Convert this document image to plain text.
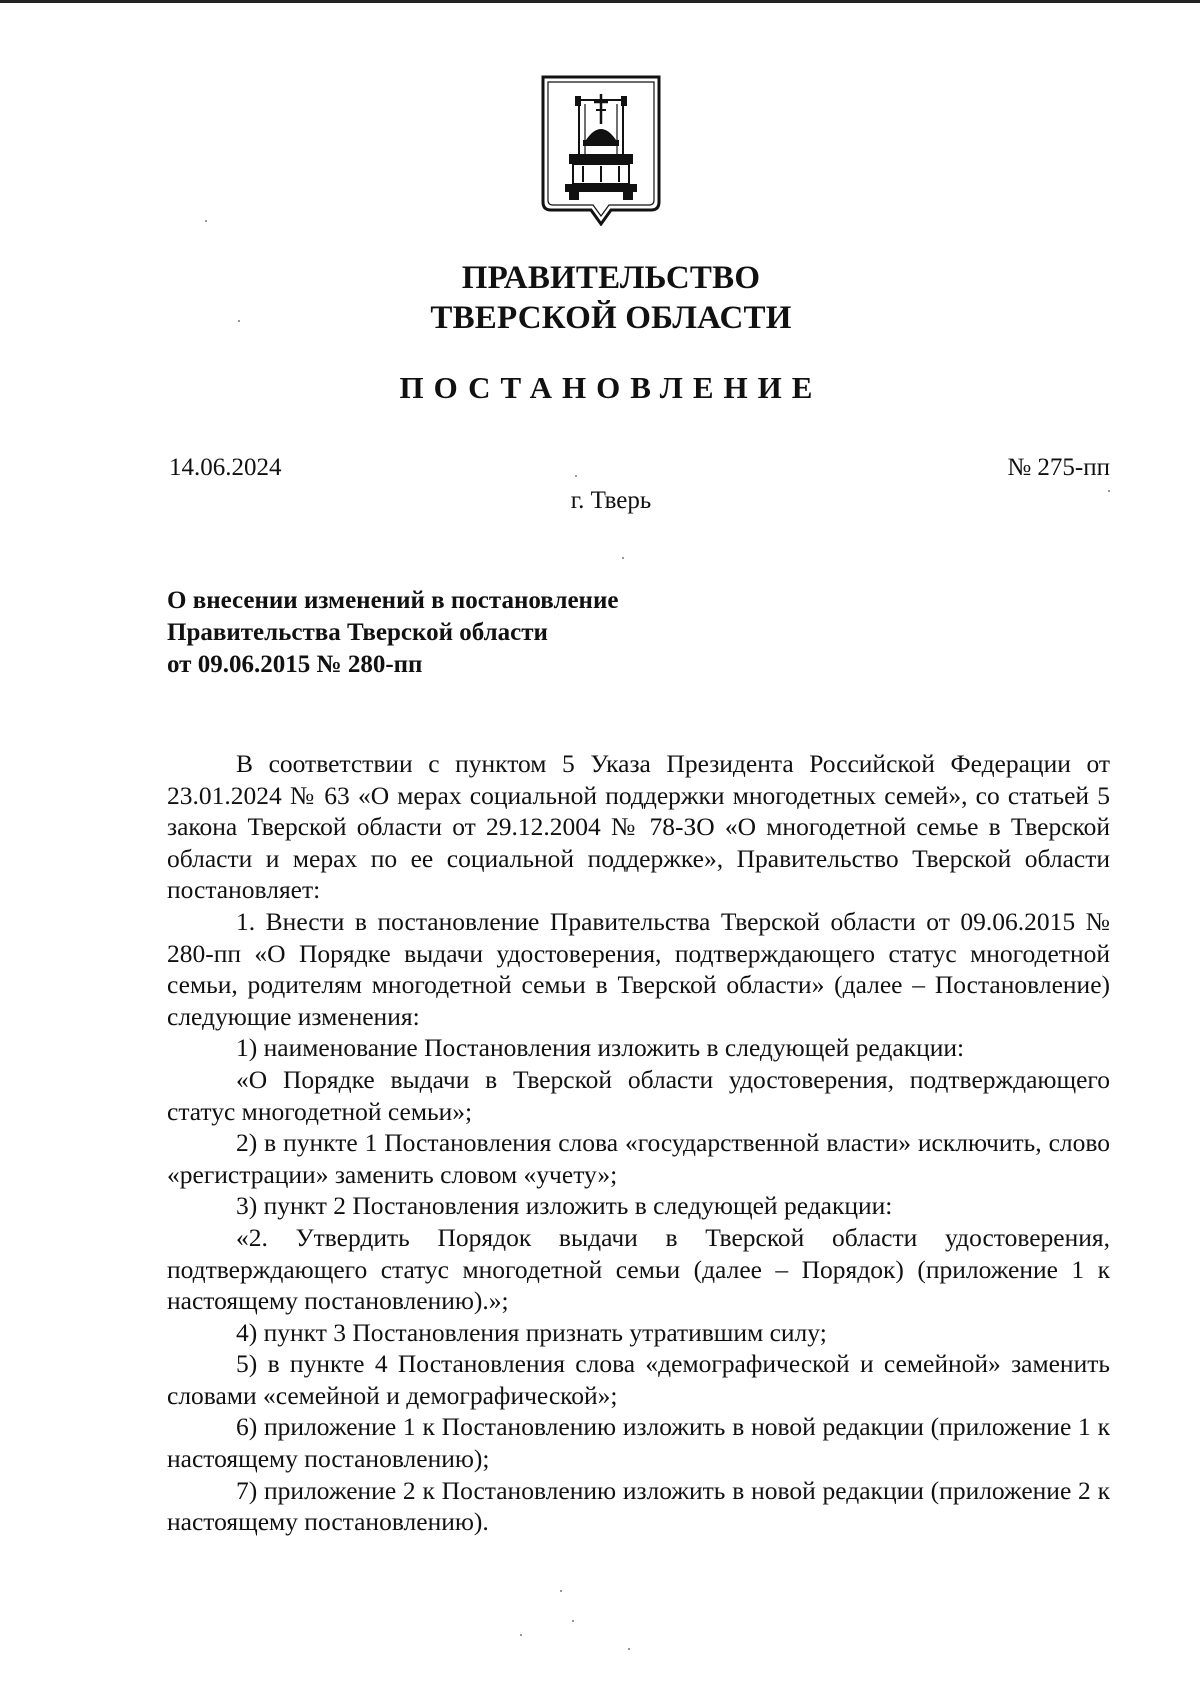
ПРАВИТЕЛЬСТВО
ТВЕРСКОЙ ОБЛАСТИ
ПОСТАНОВЛЕНИЕ
14.06.2024	№ 275-пп
г. Тверь
О внесении изменений в постановление
Правительства Тверской области
от 09.06.2015 № 280-пп

В соответствии с пунктом 5 Указа Президента Российской Федерации от 23.01.2024 № 63 «О мерах социальной поддержки многодетных семей», со статьей 5 закона Тверской области от 29.12.2004 № 78-ЗО «О многодетной семье в Тверской области и мерах по ее социальной поддержке», Правительство Тверской области постановляет:

1. Внести в постановление Правительства Тверской области от 09.06.2015 № 280-пп «О Порядке выдачи удостоверения, подтверждающего статус многодетной семьи, родителям многодетной семьи в Тверской области» (далее – Постановление) следующие изменения:

1) наименование Постановления изложить в следующей редакции:

«О Порядке выдачи в Тверской области удостоверения, подтверждающего статус многодетной семьи»;

2) в пункте 1 Постановления слова «государственной власти» исключить, слово «регистрации» заменить словом «учету»;

3) пункт 2 Постановления изложить в следующей редакции:

«2. Утвердить Порядок выдачи в Тверской области удостоверения, подтверждающего статус многодетной семьи (далее – Порядок) (приложение 1 к настоящему постановлению).»;

4) пункт 3 Постановления признать утратившим силу;

5) в пункте 4 Постановления слова «демографической и семейной» заменить словами «семейной и демографической»;

6) приложение 1 к Постановлению изложить в новой редакции (приложение 1 к настоящему постановлению);

7) приложение 2 к Постановлению изложить в новой редакции (приложение 2 к настоящему постановлению).
